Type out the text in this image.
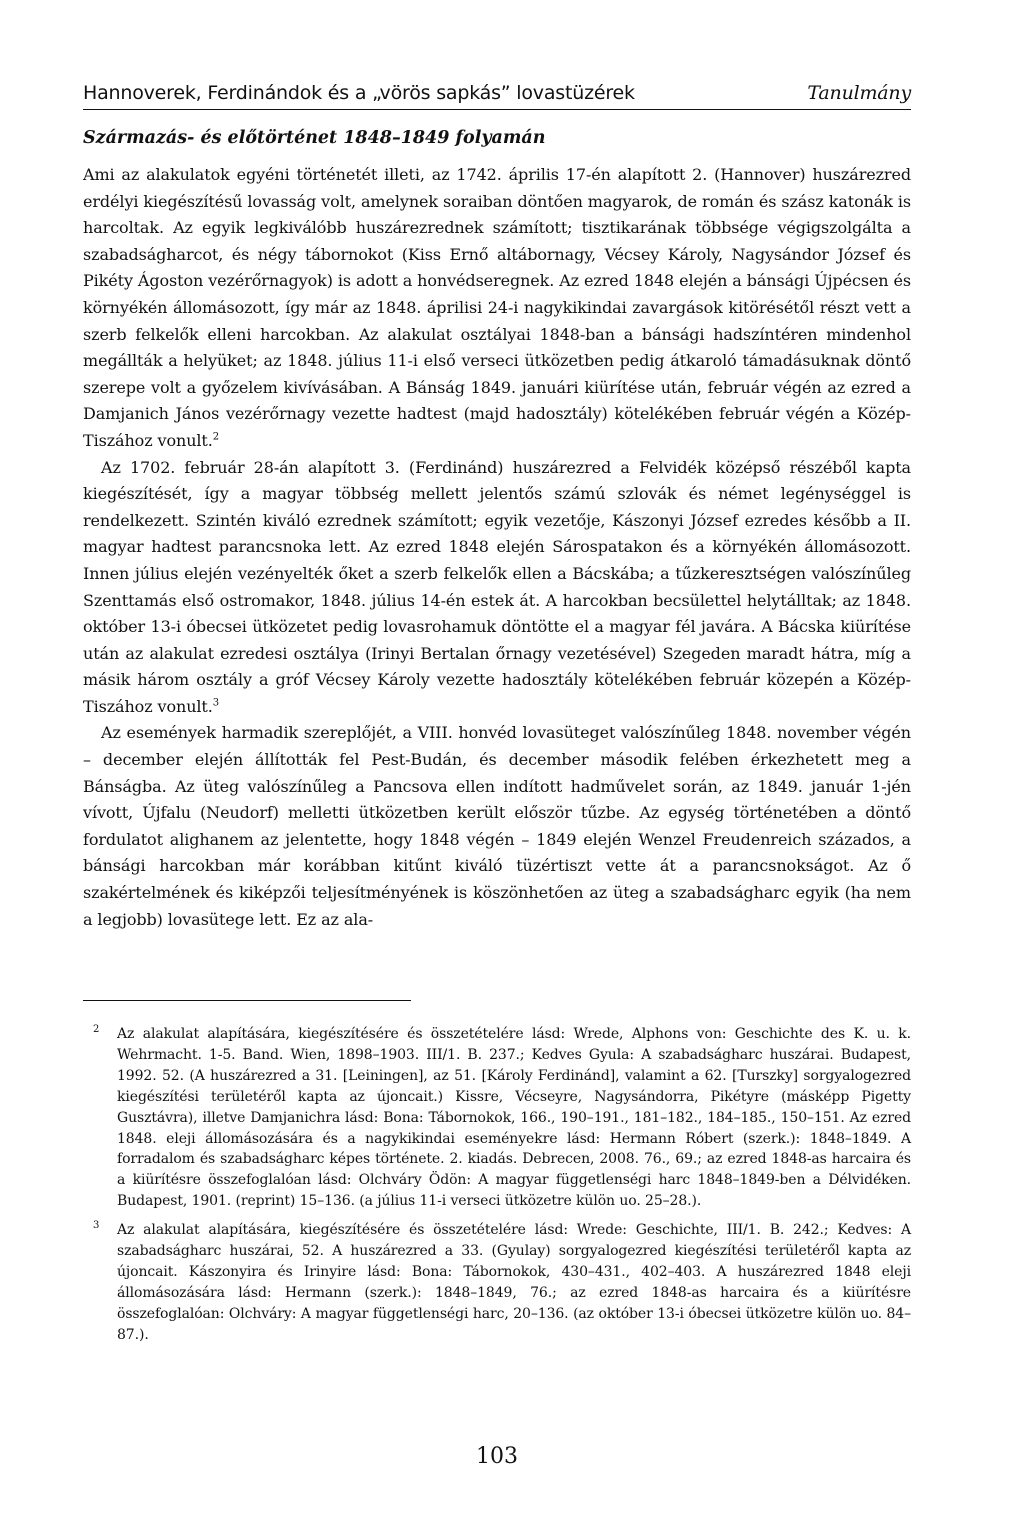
Hannoverek, Ferdinándok és a „vörös sapkás” lovastüzérek	Tanulmány
Származás- és előtörténet 1848–1849 folyamán

Ami az alakulatok egyéni történetét illeti, az 1742. április 17-én alapított 2. (Hannover) huszárezred erdélyi kiegészítésű lovasság volt, amelynek soraiban döntően magyarok, de román és szász katonák is harcoltak. Az egyik legkiválóbb huszárezrednek számított; tisztikarának többsége végigszolgálta a szabadságharcot, és négy tábornokot (Kiss Ernő altábornagy, Vécsey Károly, Nagysándor József és Pikéty Ágoston vezérőrnagyok) is adott a honvédseregnek. Az ezred 1848 elején a bánsági Újpécsen és környékén állomásozott, így már az 1848. áprilisi 24-i nagykikindai zavargások kitörésétől részt vett a szerb felkelők elleni harcokban. Az alakulat osztályai 1848-ban a bánsági hadszíntéren mindenhol megállták a helyüket; az 1848. július 11-i első verseci ütközetben pedig átkaroló támadásuknak döntő szerepe volt a győzelem kivívásában. A Bánság 1849. januári kiürítése után, február végén az ezred a Damjanich János vezérőrnagy vezette hadtest (majd hadosztály) kötelékében február végén a Közép-Tiszához vonult.$^2$

Az 1702. február 28-án alapított 3. (Ferdinánd) huszárezred a Felvidék középső részéből kapta kiegészítését, így a magyar többség mellett jelentős számú szlovák és német legénységgel is rendelkezett. Szintén kiváló ezrednek számított; egyik vezetője, Kászonyi József ezredes később a II. magyar hadtest parancsnoka lett. Az ezred 1848 elején Sárospatakon és a környékén állomásozott. Innen július elején vezényelték őket a szerb felkelők ellen a Bácskába; a tűzkeresztségen valószínűleg Szenttamás első ostromakor, 1848. július 14-én estek át. A harcokban becsülettel helytálltak; az 1848. október 13-i óbecsei ütközetet pedig lovasrohamuk döntötte el a magyar fél javára. A Bácska kiürítése után az alakulat ezredesi osztálya (Irinyi Bertalan őrnagy vezetésével) Szegeden maradt hátra, míg a másik három osztály a gróf Vécsey Károly vezette hadosztály kötelékében február közepén a Közép-Tiszához vonult.$^3$

Az események harmadik szereplőjét, a VIII. honvéd lovasüteget valószínűleg 1848. november végén – december elején állították fel Pest-Budán, és december második felében érkezhetett meg a Bánságba. Az üteg valószínűleg a Pancsova ellen indított hadművelet során, az 1849. január 1-jén vívott, Újfalu (Neudorf) melletti ütközetben került először tűzbe. Az egység történetében a döntő fordulatot alighanem az jelentette, hogy 1848 végén – 1849 elején Wenzel Freudenreich százados, a bánsági harcokban már korábban kitűnt kiváló tüzértiszt vette át a parancsnokságot. Az ő szakértelmének és kiképzői teljesítményének is köszönhetően az üteg a szabadságharc egyik (ha nem a legjobb) lovasütege lett. Ez az ala-

2 Az alakulat alapítására, kiegészítésére és összetételére lásd: Wrede, Alphons von: Geschichte des K. u. k. Wehrmacht. 1-5. Band. Wien, 1898–1903. III/1. B. 237.; Kedves Gyula: A szabadságharc huszárai. Budapest, 1992. 52. (A huszárezred a 31. [Leiningen], az 51. [Károly Ferdinánd], valamint a 62. [Turszky] sorgyalogezred kiegészítési területéről kapta az újoncait.) Kissre, Vécseyre, Nagysándorra, Pikétyre (másképp Pigetty Gusztávra), illetve Damjanichra lásd: Bona: Tábornokok, 166., 190–191., 181–182., 184–185., 150–151. Az ezred 1848. eleji állomásozására és a nagykikindai eseményekre lásd: Hermann Róbert (szerk.): 1848–1849. A forradalom és szabadságharc képes története. 2. kiadás. Debrecen, 2008. 76., 69.; az ezred 1848-as harcaira és a kiürítésre összefoglalóan lásd: Olchváry Ödön: A magyar függetlenségi harc 1848–1849-ben a Délvidéken. Budapest, 1901. (reprint) 15–136. (a július 11-i verseci ütközetre külön uo. 25–28.).
3 Az alakulat alapítására, kiegészítésére és összetételére lásd: Wrede: Geschichte, III/1. B. 242.; Kedves: A szabadságharc huszárai, 52. A huszárezred a 33. (Gyulay) sorgyalogezred kiegészítési területéről kapta az újoncait. Kászonyira és Irinyire lásd: Bona: Tábornokok, 430–431., 402–403. A huszárezred 1848 eleji állomásozására lásd: Hermann (szerk.): 1848–1849, 76.; az ezred 1848-as harcaira és a kiürítésre összefoglalóan: Olchváry: A magyar függetlenségi harc, 20–136. (az október 13-i óbecsei ütközetre külön uo. 84–87.).
103
